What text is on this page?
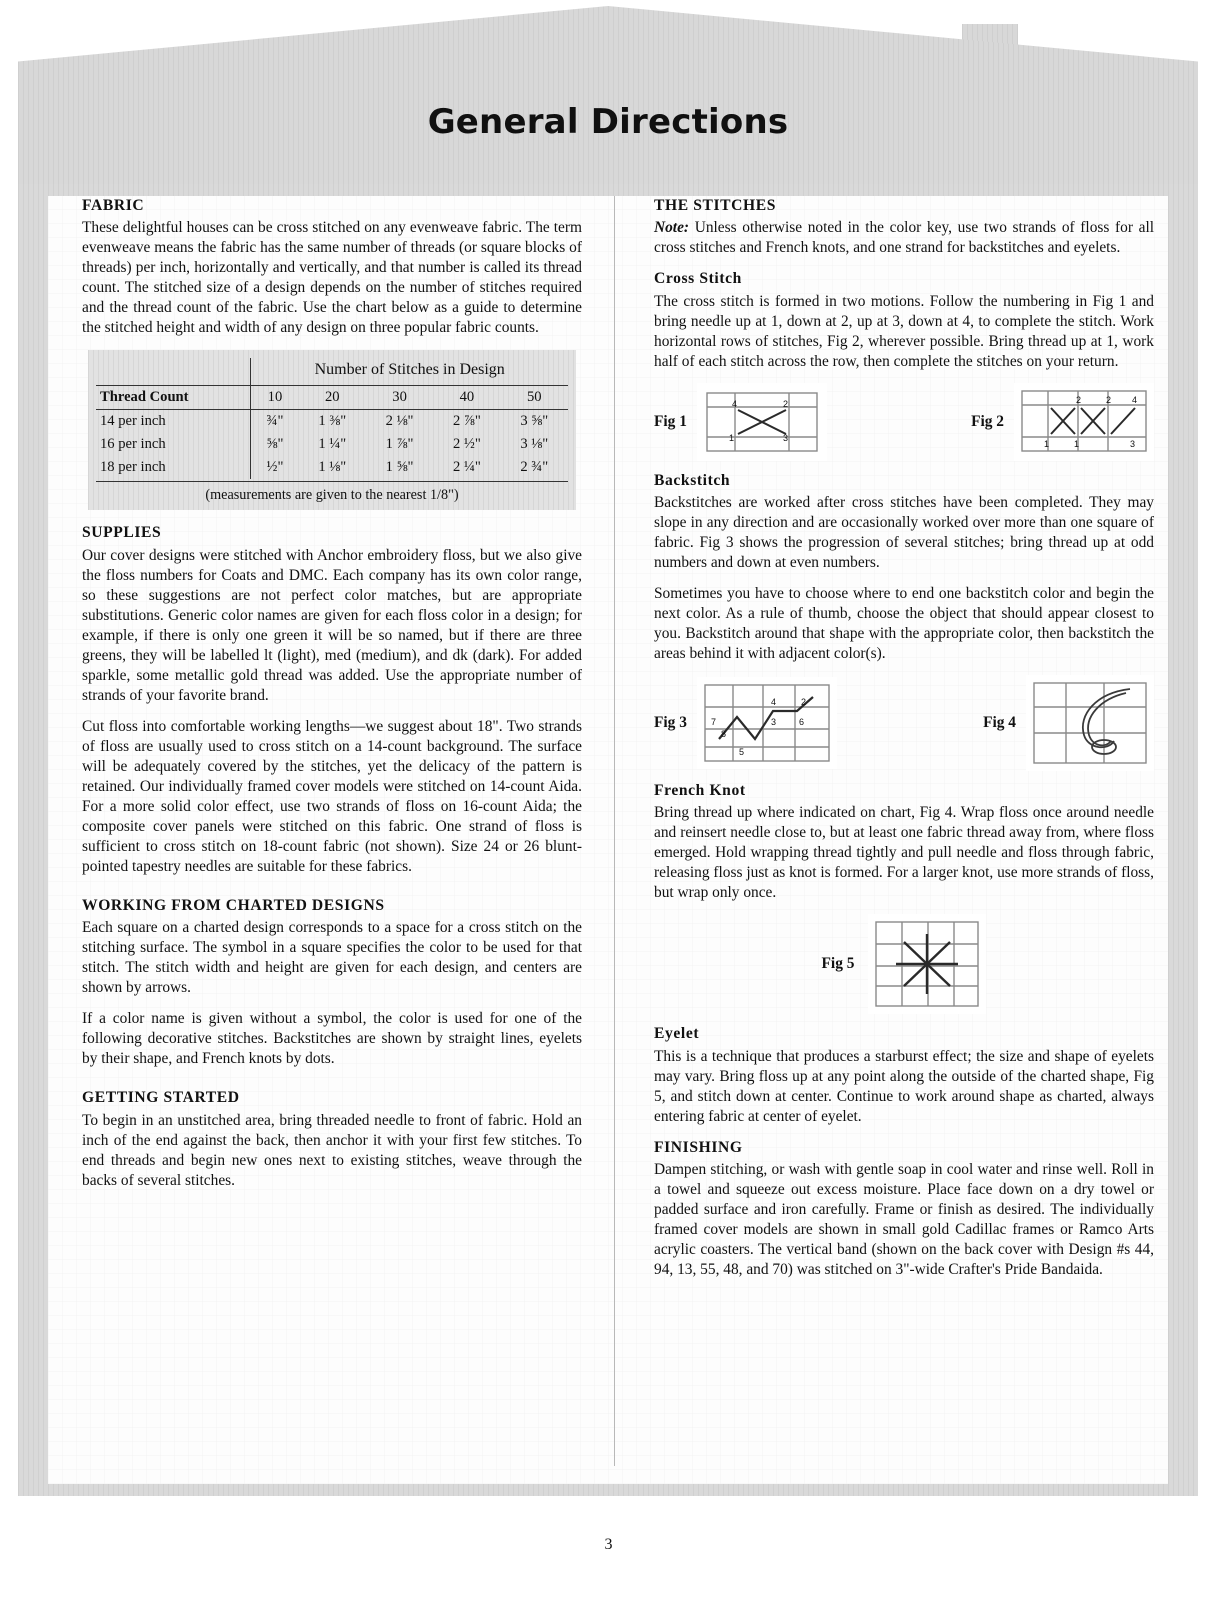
General Directions
FABRIC

These delightful houses can be cross stitched on any evenweave fabric. The term evenweave means the fabric has the same number of threads (or square blocks of threads) per inch, horizontally and vertically, and that number is called its thread count. The stitched size of a design depends on the number of stitches required and the thread count of the fabric. Use the chart below as a guide to determine the stitched height and width of any design on three popular fabric counts.

	Number of Stitches in Design				
Thread Count	10	20	30	40	50
14 per inch	¾"	1 ⅜"	2 ⅛"	2 ⅞"	3 ⅝"
16 per inch	⅝"	1 ¼"	1 ⅞"	2 ½"	3 ⅛"
18 per inch	½"	1 ⅛"	1 ⅝"	2 ¼"	2 ¾"
(measurements are given to the nearest 1/8")
SUPPLIES

Our cover designs were stitched with Anchor embroidery floss, but we also give the floss numbers for Coats and DMC. Each company has its own color range, so these suggestions are not perfect color matches, but are appropriate substitutions. Generic color names are given for each floss color in a design; for example, if there is only one green it will be so named, but if there are three greens, they will be labelled lt (light), med (medium), and dk (dark). For added sparkle, some metallic gold thread was added. Use the appropriate number of strands of your favorite brand.

Cut floss into comfortable working lengths—we suggest about 18". Two strands of floss are usually used to cross stitch on a 14-count background. The surface will be adequately covered by the stitches, yet the delicacy of the pattern is retained. Our individually framed cover models were stitched on 14-count Aida. For a more solid color effect, use two strands of floss on 16-count Aida; the composite cover panels were stitched on this fabric. One strand of floss is sufficient to cross stitch on 18-count fabric (not shown). Size 24 or 26 blunt-pointed tapestry needles are suitable for these fabrics.

WORKING FROM CHARTED DESIGNS

Each square on a charted design corresponds to a space for a cross stitch on the stitching surface. The symbol in a square specifies the color to be used for that stitch. The stitch width and height are given for each design, and centers are shown by arrows.

If a color name is given without a symbol, the color is used for one of the following decorative stitches. Backstitches are shown by straight lines, eyelets by their shape, and French knots by dots.

GETTING STARTED

To begin in an unstitched area, bring threaded needle to front of fabric. Hold an inch of the end against the back, then anchor it with your first few stitches. To end threads and begin new ones next to existing stitches, weave through the backs of several stitches.

THE STITCHES

Note: Unless otherwise noted in the color key, use two strands of floss for all cross stitches and French knots, and one strand for backstitches and eyelets.

Cross Stitch

The cross stitch is formed in two motions. Follow the numbering in Fig 1 and bring needle up at 1, down at 2, up at 3, down at 4, to complete the stitch. Work horizontal rows of stitches, Fig 2, wherever possible. Bring thread up at 1, work half of each stitch across the row, then complete the stitches on your return.

Fig 1
4	2
3
1
Fig 2
2	2 4
1	1	3
Backstitch

Backstitches are worked after cross stitches have been completed. They may slope in any direction and are occasionally worked over more than one square of fabric. Fig 3 shows the progression of several stitches; bring thread up at odd numbers and down at even numbers.

Sometimes you have to choose where to end one backstitch color and begin the next color. As a rule of thumb, choose the object that should appear closest to you. Backstitch around that shape with the appropriate color, then backstitch the areas behind it with adjacent color(s).

Fig 3
4	2
3	6
7
8
5
Fig 4
French Knot

Bring thread up where indicated on chart, Fig 4. Wrap floss once around needle and reinsert needle close to, but at least one fabric thread away from, where floss emerged. Hold wrapping thread tightly and pull needle and floss through fabric, releasing floss just as knot is formed. For a larger knot, use more strands of floss, but wrap only once.

Fig 5
Eyelet

This is a technique that produces a starburst effect; the size and shape of eyelets may vary. Bring floss up at any point along the outside of the charted shape, Fig 5, and stitch down at center. Continue to work around shape as charted, always entering fabric at center of eyelet.

FINISHING

Dampen stitching, or wash with gentle soap in cool water and rinse well. Roll in a towel and squeeze out excess moisture. Place face down on a dry towel or padded surface and iron carefully. Frame or finish as desired. The individually framed cover models are shown in small gold Cadillac frames or Ramco Arts acrylic coasters. The vertical band (shown on the back cover with Design #s 44, 94, 13, 55, 48, and 70) was stitched on 3"-wide Crafter's Pride Bandaida.

3
